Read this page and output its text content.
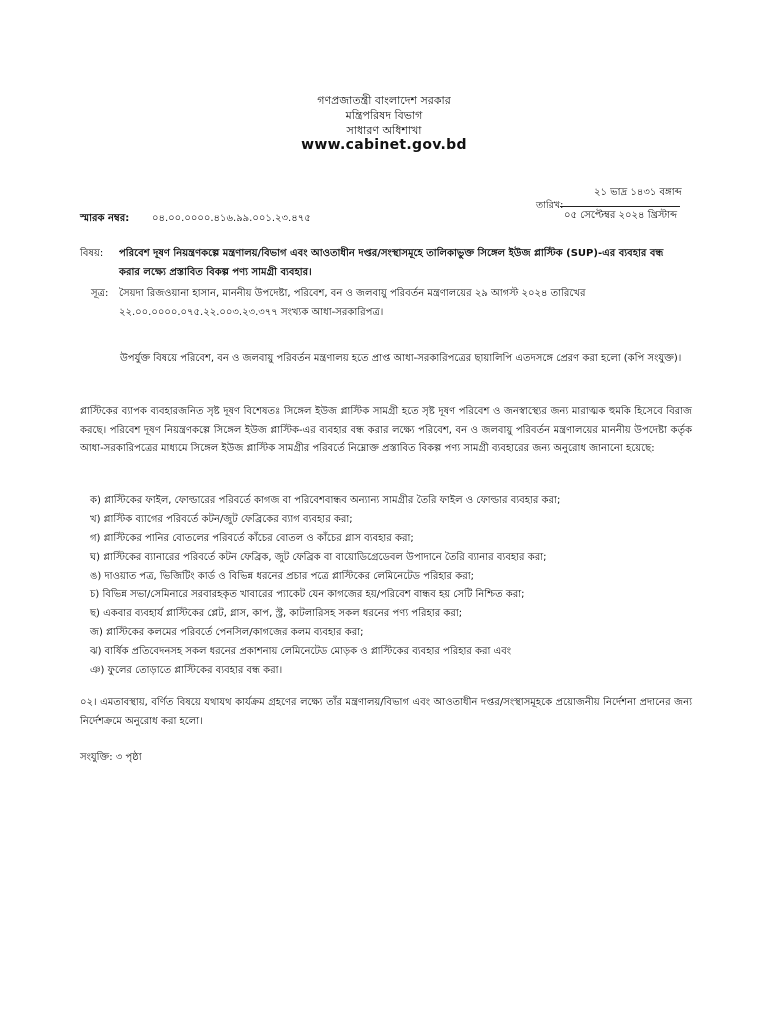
গণপ্রজাতন্ত্রী বাংলাদেশ সরকার
মন্ত্রিপরিষদ বিভাগ
সাধারণ অধিশাখা
www.cabinet.gov.bd
২১ ভাদ্র ১৪৩১ বঙ্গাব্দ
তারিখ:
০৫ সেপ্টেম্বর ২০২৪ খ্রিস্টাব্দ
স্মারক নম্বর: ০৪.০০.০০০০.৪১৬.৯৯.০০১.২৩.৪৭৫
বিষয়: পরিবেশ দূষণ নিয়ন্ত্রণকল্পে মন্ত্রণালয়/বিভাগ এবং আওতাধীন দপ্তর/সংস্থাসমূহে তালিকাভুক্ত সিঙ্গেল ইউজ প্লাস্টিক (SUP)-এর ব্যবহার বন্ধ
করার লক্ষ্যে প্রস্তাবিত বিকল্প পণ্য সামগ্রী ব্যবহার।
সূত্র: সৈয়দা রিজওয়ানা হাসান, মাননীয় উপদেষ্টা, পরিবেশ, বন ও জলবায়ু পরিবর্তন মন্ত্রণালয়ের ২৯ আগস্ট ২০২৪ তারিখের
২২.০০.০০০০.০৭৫.২২.০০৩.২৩.৩৭৭ সংখ্যক আধা-সরকারিপত্র।
উপর্যুক্ত বিষয়ে পরিবেশ, বন ও জলবায়ু পরিবর্তন মন্ত্রণালয় হতে প্রাপ্ত আধা-সরকারিপত্রের ছায়ালিপি এতদসঙ্গে প্রেরণ করা হলো (কপি সংযুক্ত)।
প্লাস্টিকের ব্যাপক ব্যবহারজনিত সৃষ্ট দূষণ বিশেষতঃ সিঙ্গেল ইউজ প্লাস্টিক সামগ্রী হতে সৃষ্ট দূষণ পরিবেশ ও জনস্বাস্থ্যের জন্য মারাত্মক হুমকি হিসেবে বিরাজ করছে। পরিবেশ দূষণ নিয়ন্ত্রণকল্পে সিঙ্গেল ইউজ প্লাস্টিক-এর ব্যবহার বন্ধ করার লক্ষ্যে পরিবেশ, বন ও জলবায়ু পরিবর্তন মন্ত্রণালয়ের মাননীয় উপদেষ্টা কর্তৃক আধা-সরকারিপত্রের মাধ্যমে সিঙ্গেল ইউজ প্লাস্টিক সামগ্রীর পরিবর্তে নিম্নোক্ত প্রস্তাবিত বিকল্প পণ্য সামগ্রী ব্যবহারের জন্য অনুরোধ জানানো হয়েছে:
ক) প্লাস্টিকের ফাইল, ফোল্ডারের পরিবর্তে কাগজ বা পরিবেশবান্ধব অন্যান্য সামগ্রীর তৈরি ফাইল ও ফোল্ডার ব্যবহার করা;
খ) প্লাস্টিক ব্যাগের পরিবর্তে কটন/জুট ফেব্রিকের ব্যাগ ব্যবহার করা;
গ) প্লাস্টিকের পানির বোতলের পরিবর্তে কাঁচের বোতল ও কাঁচের গ্লাস ব্যবহার করা;
ঘ) প্লাস্টিকের ব্যানারের পরিবর্তে কটন ফেব্রিক, জুট ফেব্রিক বা বায়োডিগ্রেডেবল উপাদানে তৈরি ব্যানার ব্যবহার করা;
ঙ) দাওয়াত পত্র, ভিজিটিং কার্ড ও বিভিন্ন ধরনের প্রচার পত্রে প্লাস্টিকের লেমিনেটেড পরিহার করা;
চ) বিভিন্ন সভা/সেমিনারে সরবারহকৃত খাবারের প্যাকেট যেন কাগজের হয়/পরিবেশ বান্ধব হয় সেটি নিশ্চিত করা;
ছ) একবার ব্যবহার্য প্লাস্টিকের প্লেট, গ্লাস, কাপ, স্ট্র, কাটলারিসহ সকল ধরনের পণ্য পরিহার করা;
জ) প্লাস্টিকের কলমের পরিবর্তে পেনসিল/কাগজের কলম ব্যবহার করা;
ঝ) বার্ষিক প্রতিবেদনসহ সকল ধরনের প্রকাশনায় লেমিনেটেড মোড়ক ও প্লাস্টিকের ব্যবহার পরিহার করা এবং
ঞ) ফুলের তোড়াতে প্লাস্টিকের ব্যবহার বন্ধ করা।
০২। এমতাবস্থায়, বর্ণিত বিষয়ে যথাযথ কার্যক্রম গ্রহণের লক্ষ্যে তাঁর মন্ত্রণালয়/বিভাগ এবং আওতাধীন দপ্তর/সংস্থাসমূহকে প্রয়োজনীয় নির্দেশনা প্রদানের জন্য নির্দেশক্রমে অনুরোধ করা হলো।
সংযুক্তি: ৩ পৃষ্ঠা
